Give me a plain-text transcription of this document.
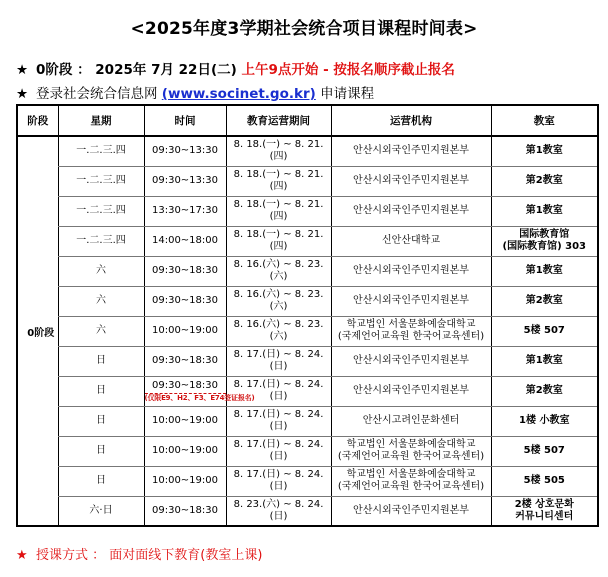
<2025年度3学期社会统合项目课程时间表>
★ 0阶段 ： 2025年 7月 22日(二) 上午9点开始 - 按报名顺序截止报名
★ 登录社会统合信息网 (www.socinet.go.kr) 申请课程
阶段	星期	时间	教育运营期间	运营机构	教室
0阶段	一.二.三.四	09:30~13:30	8. 18.(一) ~ 8. 21.(四)	안산시외국인주민지원본부	第1教室
	一.二.三.四	09:30~13:30	8. 18.(一) ~ 8. 21.(四)	안산시외국인주민지원본부	第2教室
	一.二.三.四	13:30~17:30	8. 18.(一) ~ 8. 21.(四)	안산시외국인주민지원본부	第1教室
	一.二.三.四	14:00~18:00	8. 18.(一) ~ 8. 21.(四)	신안산대학교	国际教育馆
(国际教育馆) 303
	六	09:30~18:30	8. 16.(六) ~ 8. 23.(六)	안산시외국인주민지원본부	第1教室
	六	09:30~18:30	8. 16.(六) ~ 8. 23.(六)	안산시외국인주민지원본부	第2教室
	六	10:00~19:00	8. 16.(六) ~ 8. 23.(六)	학교법인 서울문화예술대학교
(국제언어교육원 한국어교육센터)	5楼 507
	日	09:30~18:30	8. 17.(日) ~ 8. 24.(日)	안산시외국인주민지원본부	第1教室
	日	09:30~18:30
(仅限E9、H2、F3、E74签证报名)	8. 17.(日) ~ 8. 24.(日)	안산시외국인주민지원본부	第2教室
	日	10:00~19:00	8. 17.(日) ~ 8. 24.(日)	안산시고려인문화센터	1楼 小教室
	日	10:00~19:00	8. 17.(日) ~ 8. 24.(日)	학교법인 서울문화예술대학교
(국제언어교육원 한국어교육센터)	5楼 507
	日	10:00~19:00	8. 17.(日) ~ 8. 24.(日)	학교법인 서울문화예술대학교
(국제언어교육원 한국어교육센터)	5楼 505
	六·日	09:30~18:30	8. 23.(六) ~ 8. 24.(日)	안산시외국인주민지원본부	2楼 상호문화
커뮤니티센터
★ 授课方式 ： 面对面线下教育(教室上课)
